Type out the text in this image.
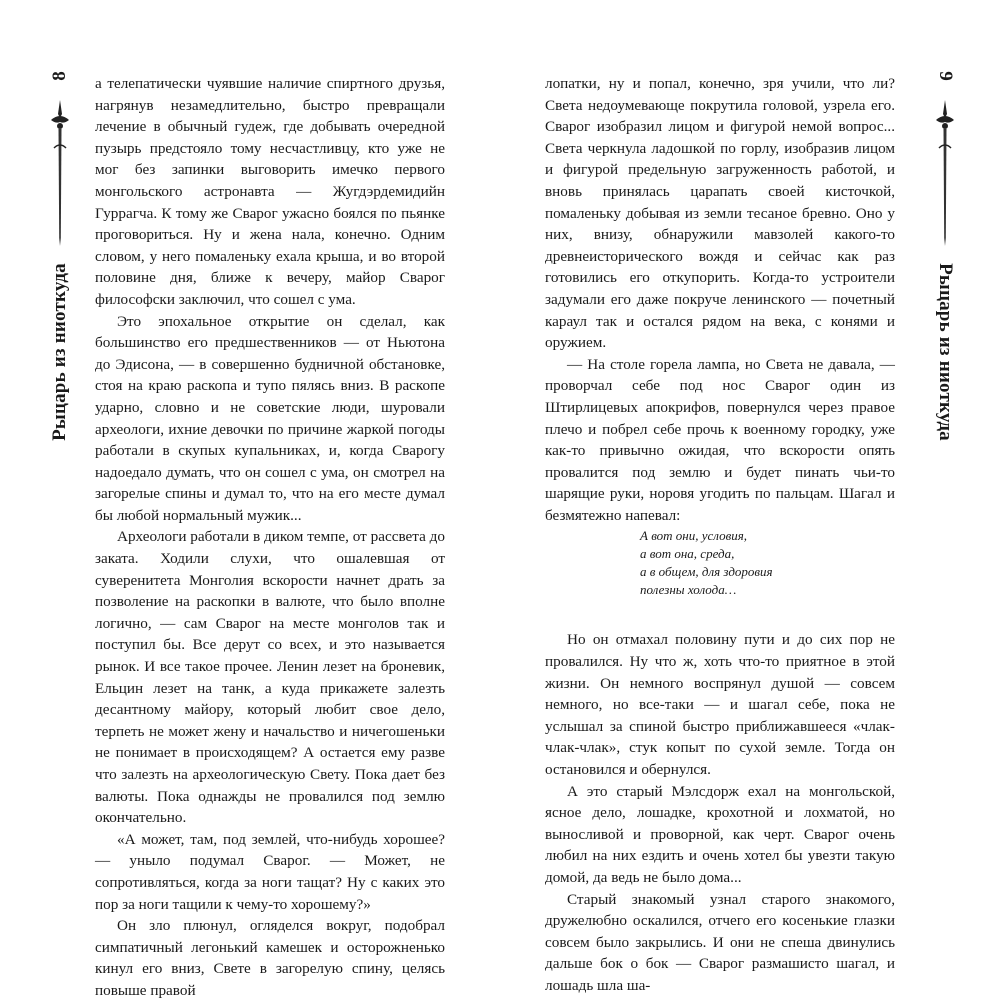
8
Рыцарь из ниоткуда

а телепатически чуявшие наличие спиртного друзья, нагрянув незамедлительно, быстро превращали лечение в обычный гудеж, где добывать очередной пузырь предстояло тому несчастливцу, кто уже не мог без запинки выговорить имечко первого монгольского астронавта — Жугдэрдемидийн Гуррагча. К тому же Сварог ужасно боялся по пьянке проговориться. Ну и жена нала, конечно. Одним словом, у него помаленьку ехала крыша, и во второй половине дня, ближе к вечеру, майор Сварог философски заключил, что сошел с ума.

Это эпохальное открытие он сделал, как большинство его предшественников — от Ньютона до Эдисона, — в совершенно будничной обстановке, стоя на краю раскопа и тупо пялясь вниз. В раскопе ударно, словно и не советские люди, шуровали археологи, ихние девочки по причине жаркой погоды работали в скупых купальниках, и, когда Сварогу надоедало думать, что он сошел с ума, он смотрел на загорелые спины и думал то, что на его месте думал бы любой нормальный мужик...

Археологи работали в диком темпе, от рассвета до заката. Ходили слухи, что ошалевшая от суверенитета Монголия вскорости начнет драть за позволение на раскопки в валюте, что было вполне логично, — сам Сварог на месте монголов так и поступил бы. Все дерут со всех, и это называется рынок. И все такое прочее. Ленин лезет на броневик, Ельцин лезет на танк, а куда прикажете залезть десантному майору, который любит свое дело, терпеть не может жену и начальство и ничегошеньки не понимает в происходящем? А остается ему разве что залезть на археологическую Свету. Пока дает без валюты. Пока однажды не провалился под землю окончательно.

«А может, там, под землей, что-нибудь хорошее? — уныло подумал Сварог. — Может, не сопротивляться, когда за ноги тащат? Ну с каких это пор за ноги тащили к чему-то хорошему?»

Он зло плюнул, огляделся вокруг, подобрал симпатичный легонький камешек и осторожненько кинул его вниз, Свете в загорелую спину, целясь повыше правой

лопатки, ну и попал, конечно, зря учили, что ли? Света недоумевающе покрутила головой, узрела его. Сварог изобразил лицом и фигурой немой вопрос... Света черкнула ладошкой по горлу, изобразив лицом и фигурой предельную загруженность работой, и вновь принялась царапать своей кисточкой, помаленьку добывая из земли тесаное бревно. Оно у них, внизу, обнаружили мавзолей какого-то древнеисторического вождя и сейчас как раз готовились его откупорить. Когда-то устроители задумали его даже покруче ленинского — почетный караул так и остался рядом на века, с конями и оружием.

— На столе горела лампа, но Света не давала, — проворчал себе под нос Сварог один из Штирлицевых апокрифов, повернулся через правое плечо и побрел себе прочь к военному городку, уже как-то привычно ожидая, что вскорости опять провалится под землю и будет пинать чьи-то шарящие руки, норовя угодить по пальцам. Шагал и безмятежно напевал:

А вот они, условия,
а вот она, среда,
а в общем, для здоровия
полезны холода…

Но он отмахал половину пути и до сих пор не провалился. Ну что ж, хоть что-то приятное в этой жизни. Он немного воспрянул душой — совсем немного, но все-таки — и шагал себе, пока не услышал за спиной быстро приближавшееся «члак-члак-члак», стук копыт по сухой земле. Тогда он остановился и обернулся.

А это старый Мэлсдорж ехал на монгольской, ясное дело, лошадке, крохотной и лохматой, но выносливой и проворной, как черт. Сварог очень любил на них ездить и очень хотел бы увезти такую домой, да ведь не было дома...

Старый знакомый узнал старого знакомого, дружелюбно оскалился, отчего его косенькие глазки совсем было закрылись. И они не спеша двинулись дальше бок о бок — Сварог размашисто шагал, и лошадь шла ша-

9
Рыцарь из ниоткуда
